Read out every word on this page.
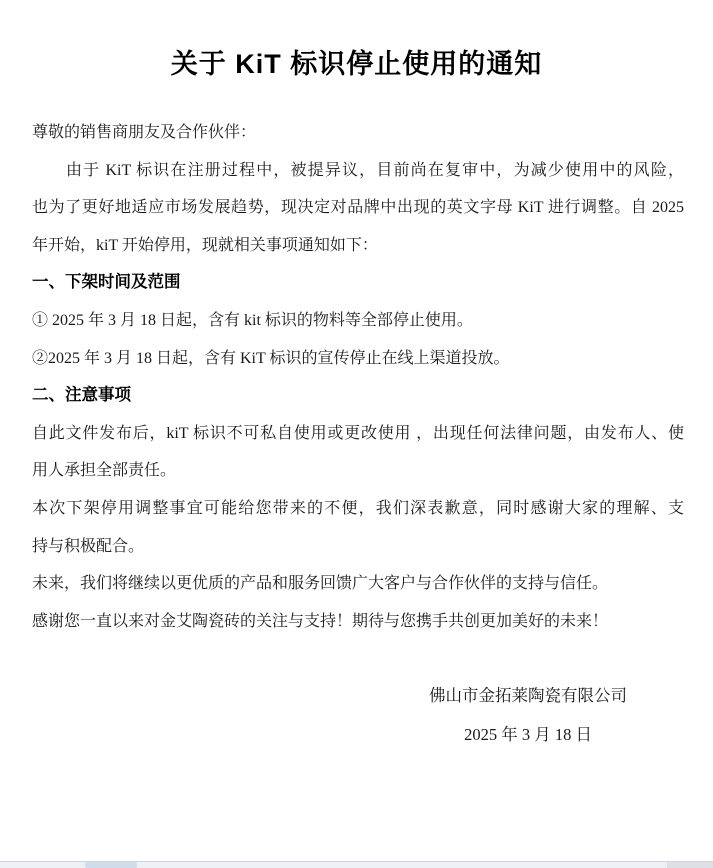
关于 KiT 标识停止使用的通知
尊敬的销售商朋友及合作伙伴：
由于 KiT 标识在注册过程中，被提异议，目前尚在复审中，为减少使用中的风险，
也为了更好地适应市场发展趋势，现决定对品牌中出现的英文字母 KiT 进行调整。自 2025
年开始，kiT 开始停用，现就相关事项通知如下：
一、下架时间及范围
① 2025 年 3 月 18 日起，含有 kit 标识的物料等全部停止使用。
②2025 年 3 月 18 日起，含有 KiT 标识的宣传停止在线上渠道投放。
二、注意事项
自此文件发布后，kiT 标识不可私自使用或更改使用 ，出现任何法律问题，由发布人、使
用人承担全部责任。
本次下架停用调整事宜可能给您带来的不便，我们深表歉意，同时感谢大家的理解、支
持与积极配合。
未来，我们将继续以更优质的产品和服务回馈广大客户与合作伙伴的支持与信任。
感谢您一直以来对金艾陶瓷砖的关注与支持！期待与您携手共创更加美好的未来！
佛山市金拓莱陶瓷有限公司
2025 年 3 月 18 日
